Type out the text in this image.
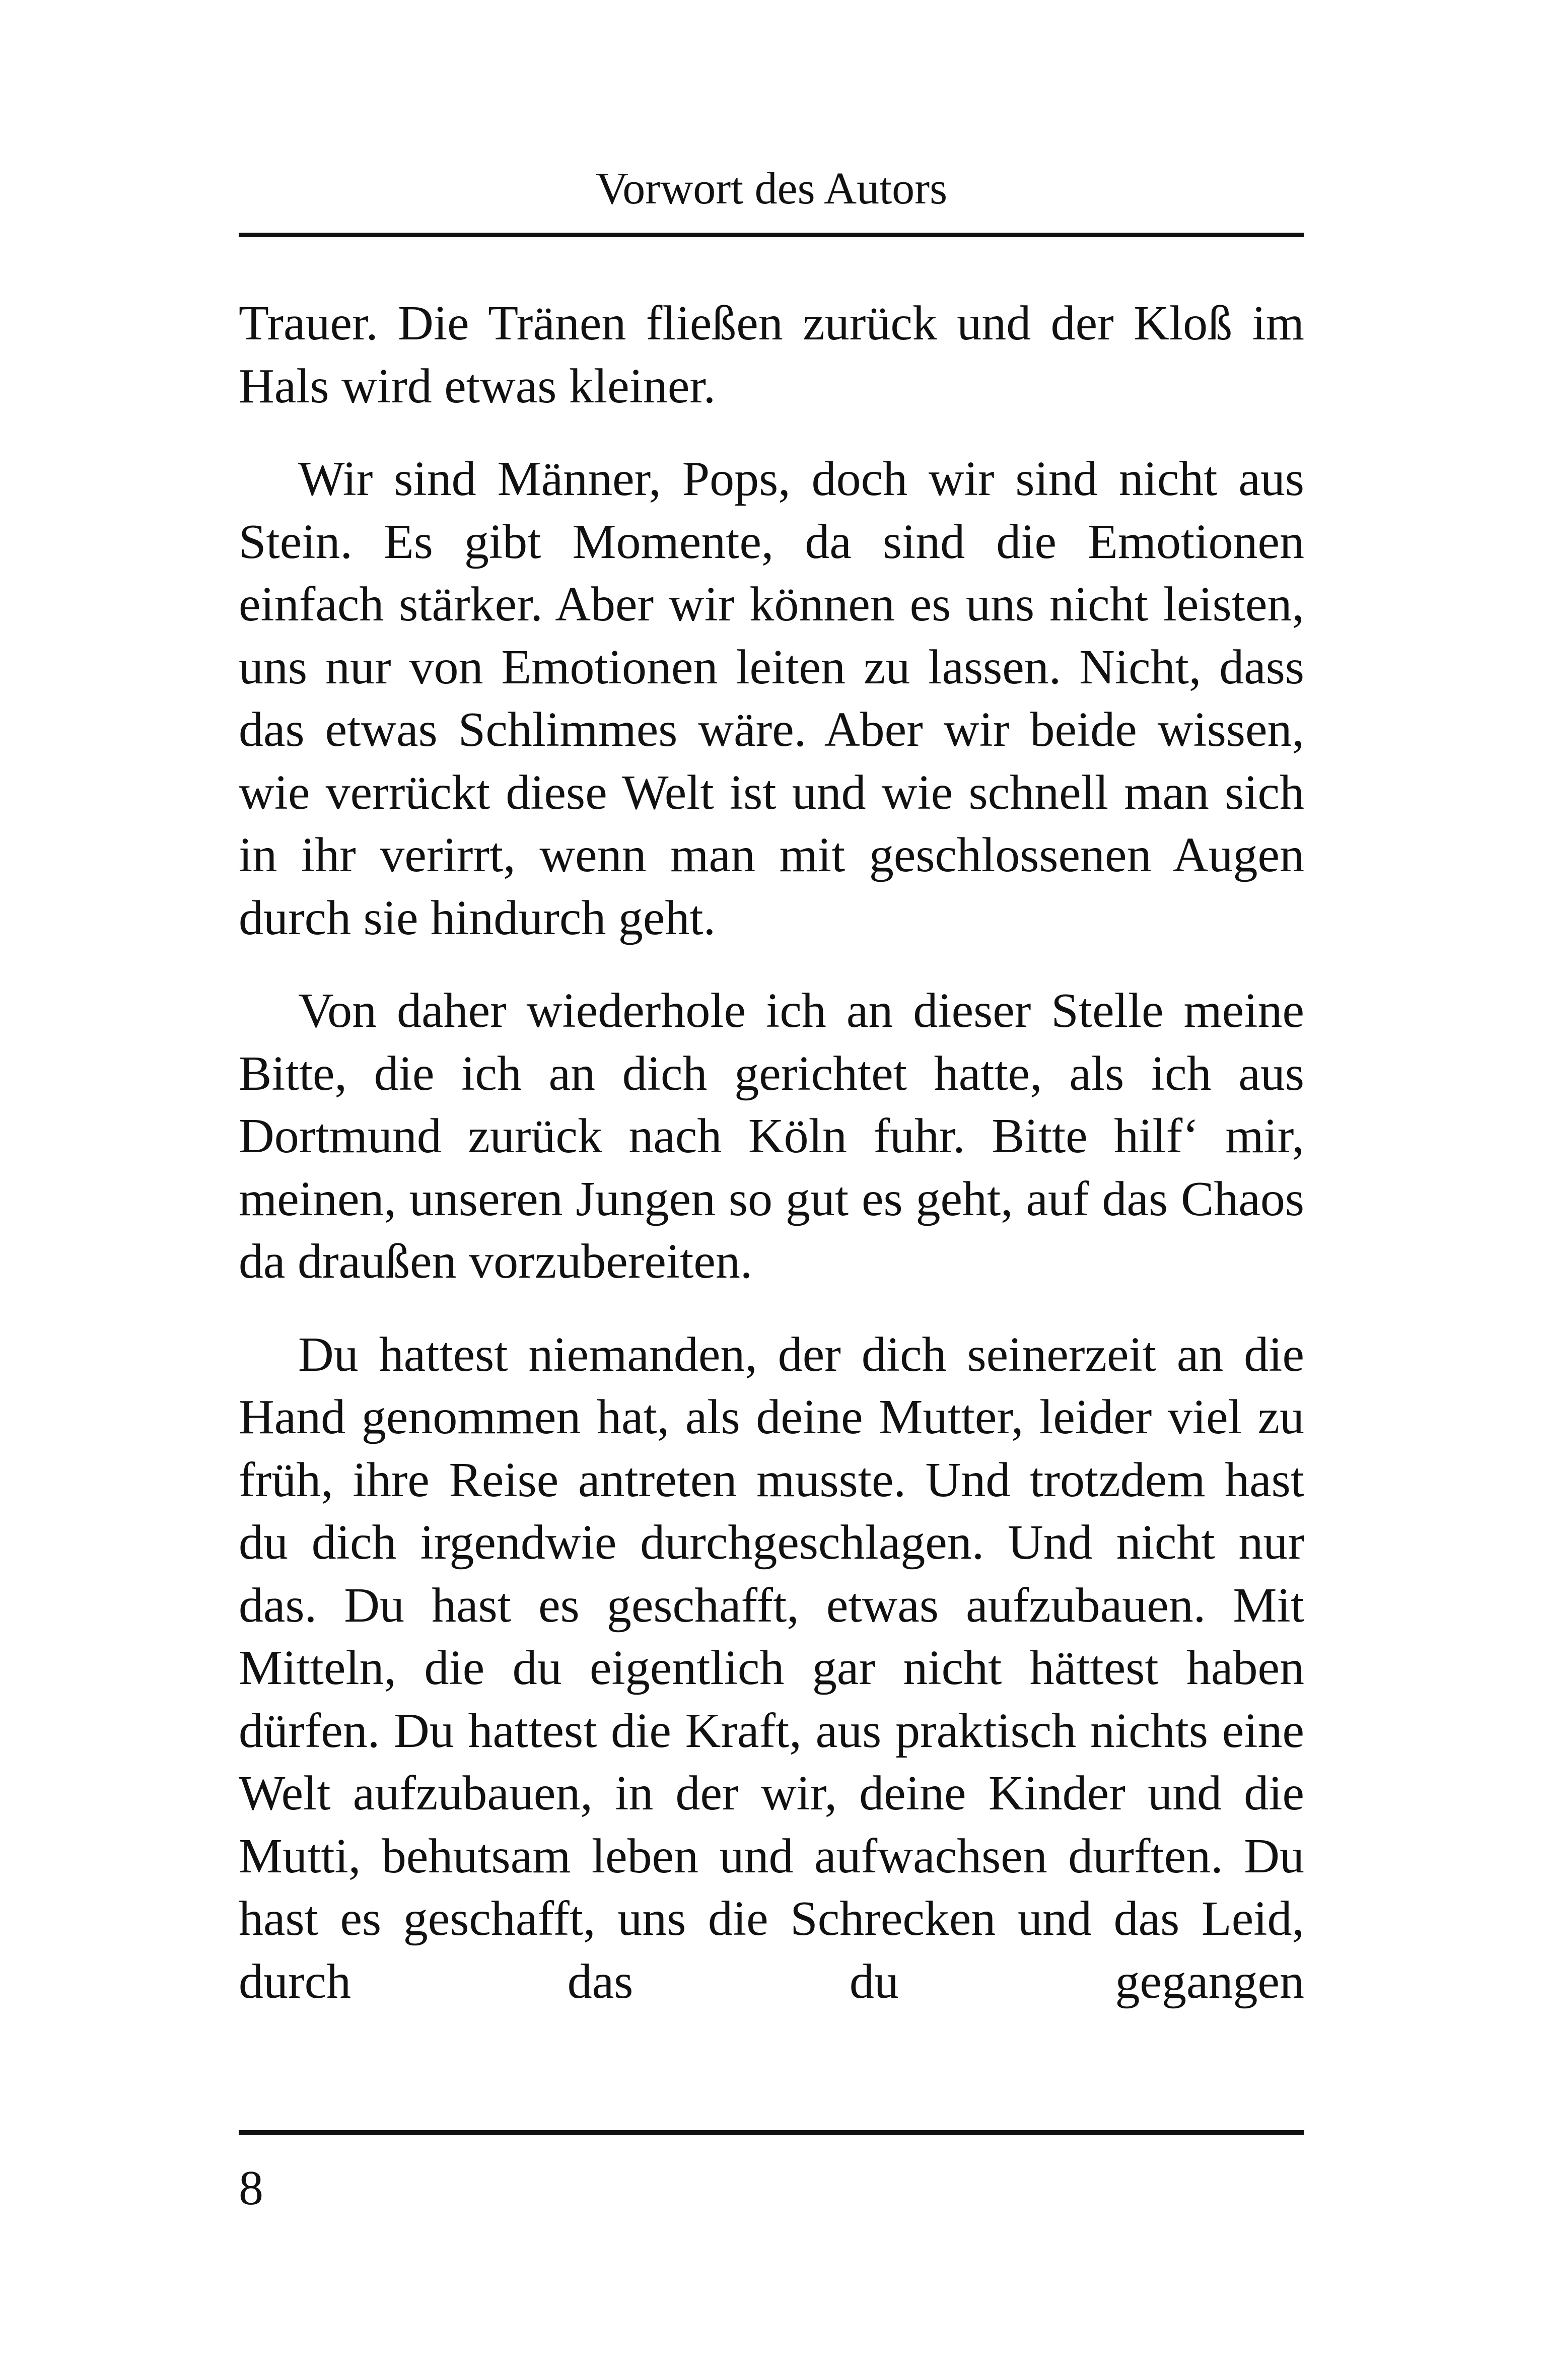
Vorwort des Autors

Trauer. Die Tränen fließen zurück und der Kloß im Hals wird etwas kleiner.

Wir sind Männer, Pops, doch wir sind nicht aus Stein. Es gibt Momente, da sind die Emotionen einfach stärker. Aber wir können es uns nicht leisten, uns nur von Emotionen leiten zu lassen. Nicht, dass das etwas Schlimmes wäre. Aber wir beide wissen, wie verrückt diese Welt ist und wie schnell man sich in ihr verirrt, wenn man mit geschlossenen Augen durch sie hindurch geht.

Von daher wiederhole ich an dieser Stelle meine Bitte, die ich an dich gerichtet hatte, als ich aus Dortmund zurück nach Köln fuhr. Bitte hilf‘ mir, meinen, unseren Jungen so gut es geht, auf das Chaos da draußen vorzubereiten.

Du hattest niemanden, der dich seinerzeit an die Hand genommen hat, als deine Mutter, leider viel zu früh, ihre Reise antreten musste. Und trotzdem hast du dich irgendwie durchgeschlagen. Und nicht nur das. Du hast es geschafft, etwas aufzubauen. Mit Mitteln, die du eigentlich gar nicht hättest haben dürfen. Du hattest die Kraft, aus praktisch nichts eine Welt aufzubauen, in der wir, deine Kinder und die Mutti, behutsam leben und aufwachsen durften. Du hast es geschafft, uns die Schrecken und das Leid, durch das du gegangen

8
